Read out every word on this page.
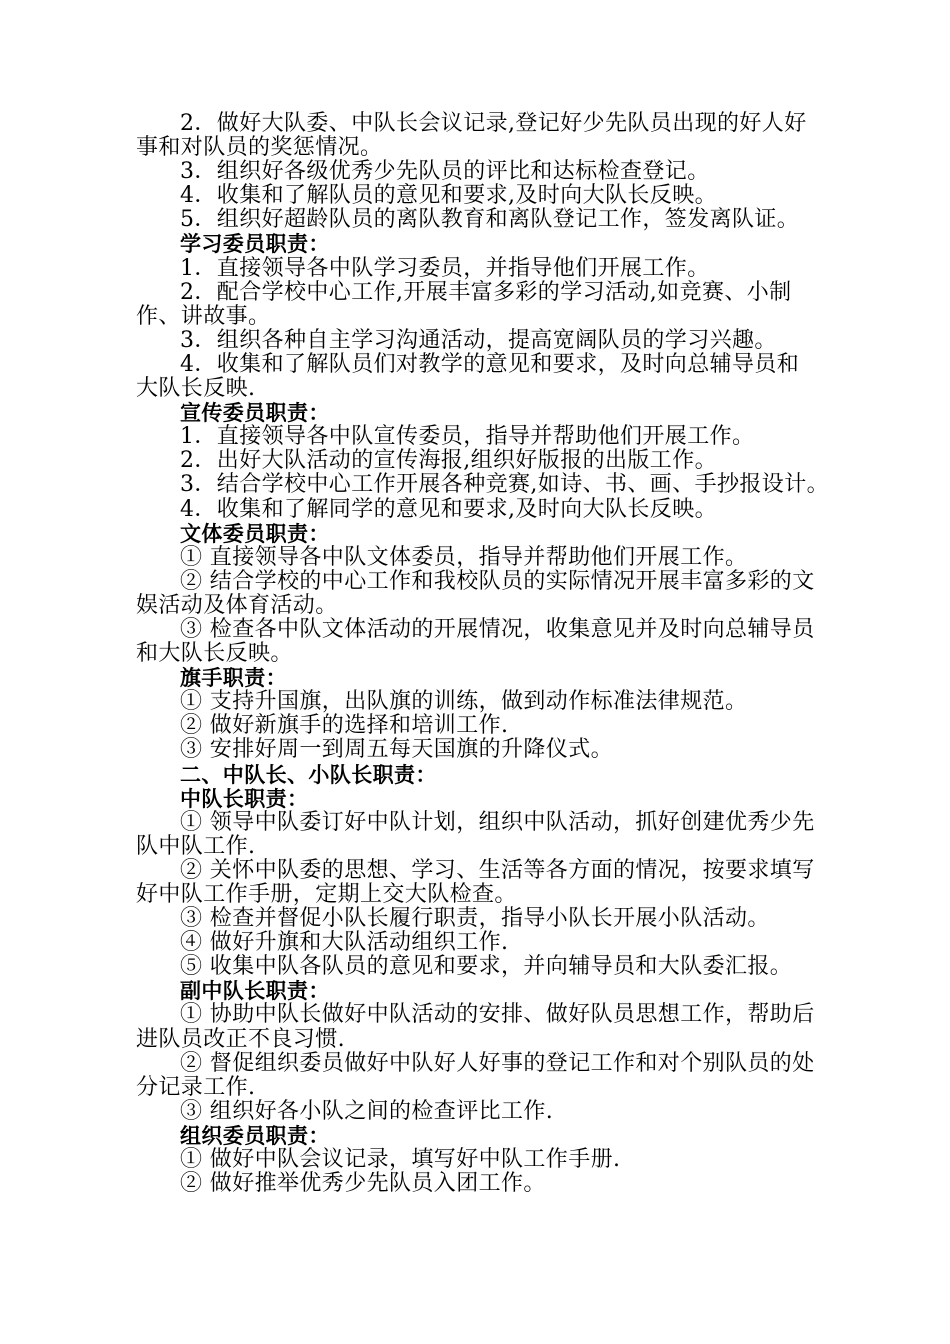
2．做好大队委、中队长会议记录,登记好少先队员出现的好人好
事和对队员的奖惩情况。
3．组织好各级优秀少先队员的评比和达标检查登记。
4．收集和了解队员的意见和要求,及时向大队长反映。
5．组织好超龄队员的离队教育和离队登记工作，签发离队证。
学习委员职责：
1．直接领导各中队学习委员，并指导他们开展工作。
2．配合学校中心工作,开展丰富多彩的学习活动,如竞赛、小制
作、讲故事。
3．组织各种自主学习沟通活动，提高宽阔队员的学习兴趣。
4．收集和了解队员们对教学的意见和要求，及时向总辅导员和
大队长反映.
宣传委员职责：
1．直接领导各中队宣传委员，指导并帮助他们开展工作。
2．出好大队活动的宣传海报,组织好版报的出版工作。
3．结合学校中心工作开展各种竞赛,如诗、书、画、手抄报设计。
4．收集和了解同学的意见和要求,及时向大队长反映。
文体委员职责：
① 直接领导各中队文体委员，指导并帮助他们开展工作。
② 结合学校的中心工作和我校队员的实际情况开展丰富多彩的文
娱活动及体育活动。
③ 检查各中队文体活动的开展情况，收集意见并及时向总辅导员
和大队长反映。
旗手职责：
① 支持升国旗，出队旗的训练，做到动作标准法律规范。
② 做好新旗手的选择和培训工作.
③ 安排好周一到周五每天国旗的升降仪式。
二、中队长、小队长职责：
中队长职责：
① 领导中队委订好中队计划，组织中队活动，抓好创建优秀少先
队中队工作.
② 关怀中队委的思想、学习、生活等各方面的情况，按要求填写
好中队工作手册，定期上交大队检查。
③ 检查并督促小队长履行职责，指导小队长开展小队活动。
④ 做好升旗和大队活动组织工作.
⑤ 收集中队各队员的意见和要求，并向辅导员和大队委汇报。
副中队长职责：
① 协助中队长做好中队活动的安排、做好队员思想工作，帮助后
进队员改正不良习惯.
② 督促组织委员做好中队好人好事的登记工作和对个别队员的处
分记录工作.
③ 组织好各小队之间的检查评比工作.
组织委员职责：
① 做好中队会议记录，填写好中队工作手册.
② 做好推举优秀少先队员入团工作。
